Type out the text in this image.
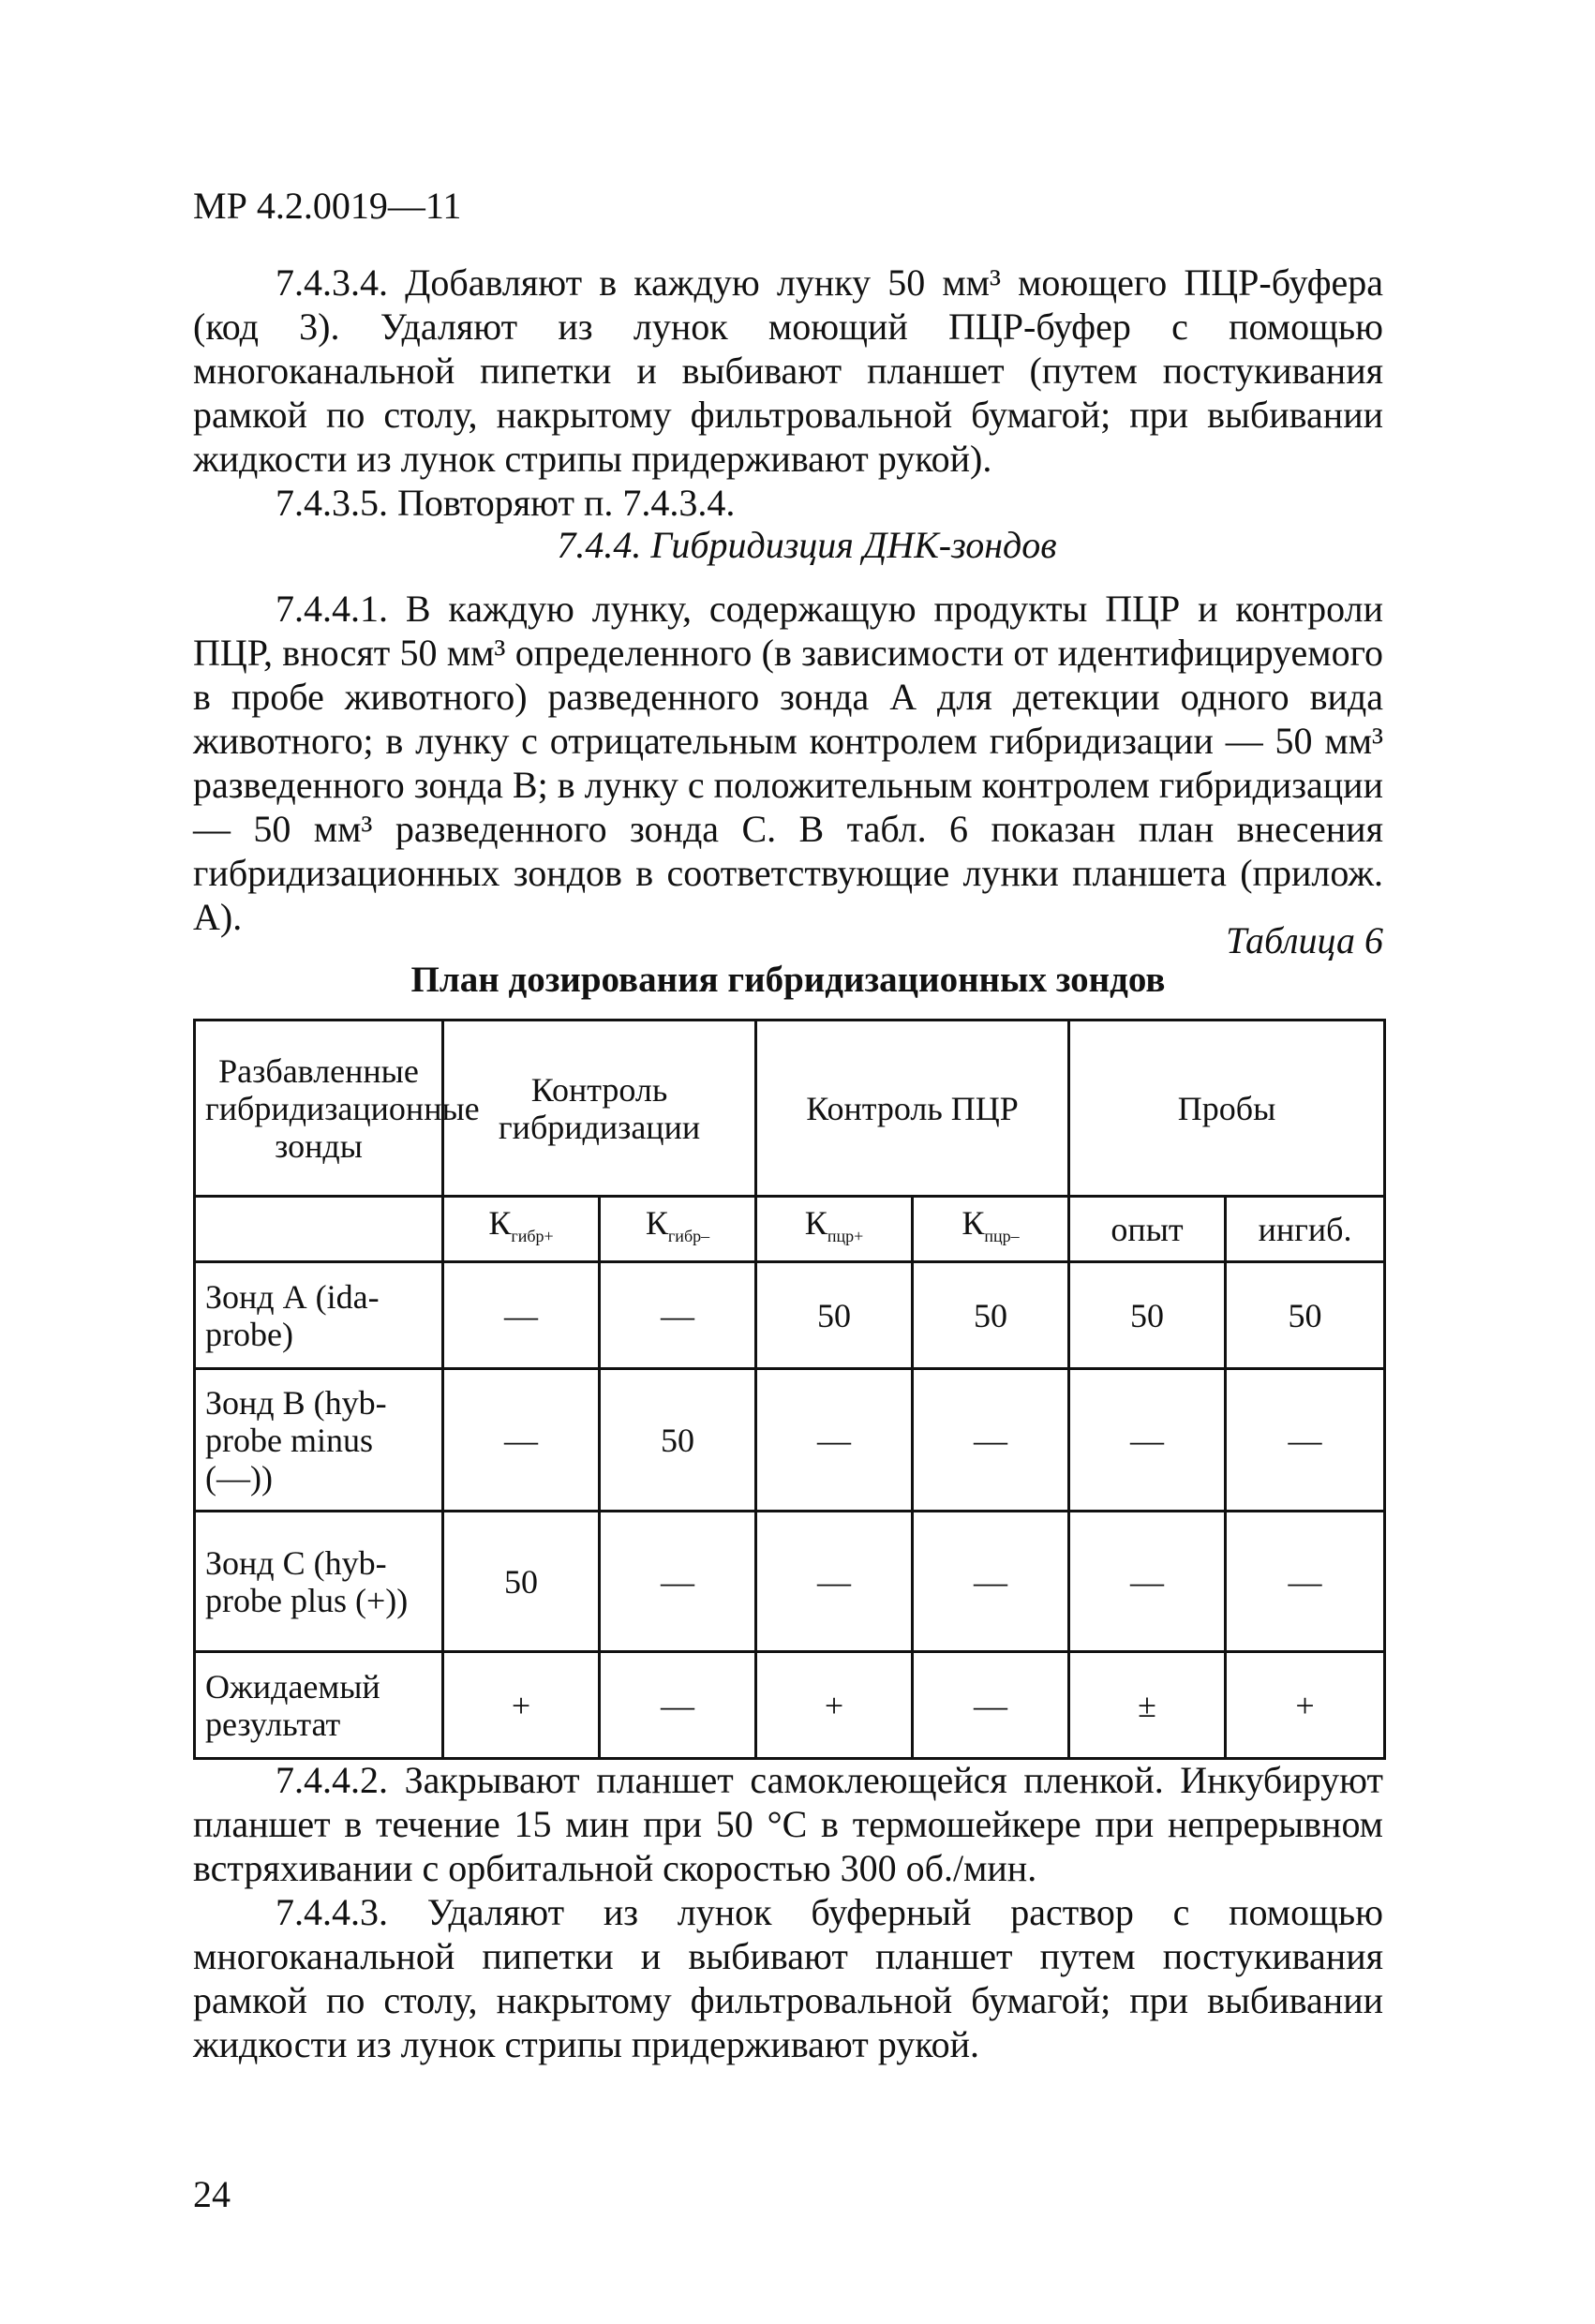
МР 4.2.0019—11

7.4.3.4. Добавляют в каждую лунку 50 мм³ моющего ПЦР-буфера (код 3). Удаляют из лунок моющий ПЦР-буфер с помощью многоканальной пипетки и выбивают планшет (путем постукивания рамкой по столу, накрытому фильтровальной бумагой; при выбивании жидкости из лунок стрипы придерживают рукой).

7.4.3.5. Повторяют п. 7.4.3.4.

7.4.4. Гибридизция ДНК-зондов

7.4.4.1. В каждую лунку, содержащую продукты ПЦР и контроли ПЦР, вносят 50 мм³ определенного (в зависимости от идентифицируемого в пробе животного) разведенного зонда А для детекции одного вида животного; в лунку с отрицательным контролем гибридизации — 50 мм³ разведенного зонда В; в лунку с положительным контролем гибридизации — 50 мм³ разведенного зонда С. В табл. 6 показан план внесения гибридизационных зондов в соответствующие лунки планшета (прилож. А).

Таблица 6
План дозирования гибридизационных зондов
Разбавленные гибридизационные зонды	Контроль гибридизации		Контроль ПЦР		Пробы	
	$К_{гибр+}$	$К_{гибр-}$	$К_{пцр+}$	$К_{пцр-}$	опыт	ингиб.
Зонд А (ida-probe)	—	—	50	50	50	50
Зонд В (hyb-probe minus (—))	—	50	—	—	—	—
Зонд С (hyb-probe plus (+))	50	—	—	—	—	—
Ожидаемый результат	+	—	+	—	±	+

7.4.4.2. Закрывают планшет самоклеющейся пленкой. Инкубируют планшет в течение 15 мин при 50 °С в термошейкере при непрерывном встряхивании с орбитальной скоростью 300 об./мин.

7.4.4.3. Удаляют из лунок буферный раствор с помощью многоканальной пипетки и выбивают планшет путем постукивания рамкой по столу, накрытому фильтровальной бумагой; при выбивании жидкости из лунок стрипы придерживают рукой.

24
